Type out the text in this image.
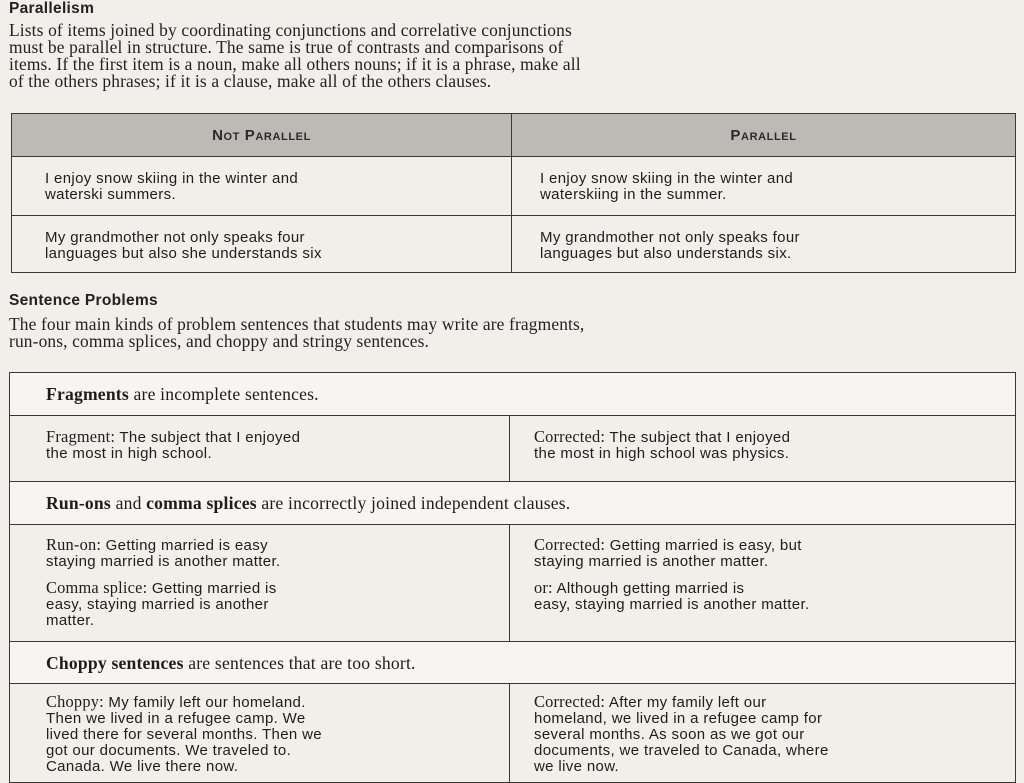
Parallelism
Lists of items joined by coordinating conjunctions and correlative conjunctions
must be parallel in structure. The same is true of contrasts and comparisons of
items. If the first item is a noun, make all others nouns; if it is a phrase, make all
of the others phrases; if it is a clause, make all of the others clauses.
Not Parallel	Parallel

I enjoy snow skiing in the winter and
waterski summers.	I enjoy snow skiing in the winter and
waterskiing in the summer.

My grandmother not only speaks four
languages but also she understands six	My grandmother not only speaks four
languages but also understands six.
Sentence Problems
The four main kinds of problem sentences that students may write are fragments,
run-ons, comma splices, and choppy and stringy sentences.
Fragments are incomplete sentences.	

Fragment: The subject that I enjoyed
the most in high school.	Corrected: The subject that I enjoyed
the most in high school was physics.

Run-ons and comma splices are incorrectly joined independent clauses.	

Run-on: Getting married is easy
staying married is another matter.
Comma splice: Getting married is
easy, staying married is another
matter.	Corrected: Getting married is easy, but
staying married is another matter.
or: Although getting married is
easy, staying married is another matter.

Choppy sentences are sentences that are too short.	

Choppy: My family left our homeland.
Then we lived in a refugee camp. We
lived there for several months. Then we
got our documents. We traveled to.
Canada. We live there now.	Corrected: After my family left our
homeland, we lived in a refugee camp for
several months. As soon as we got our
documents, we traveled to Canada, where
we live now.
